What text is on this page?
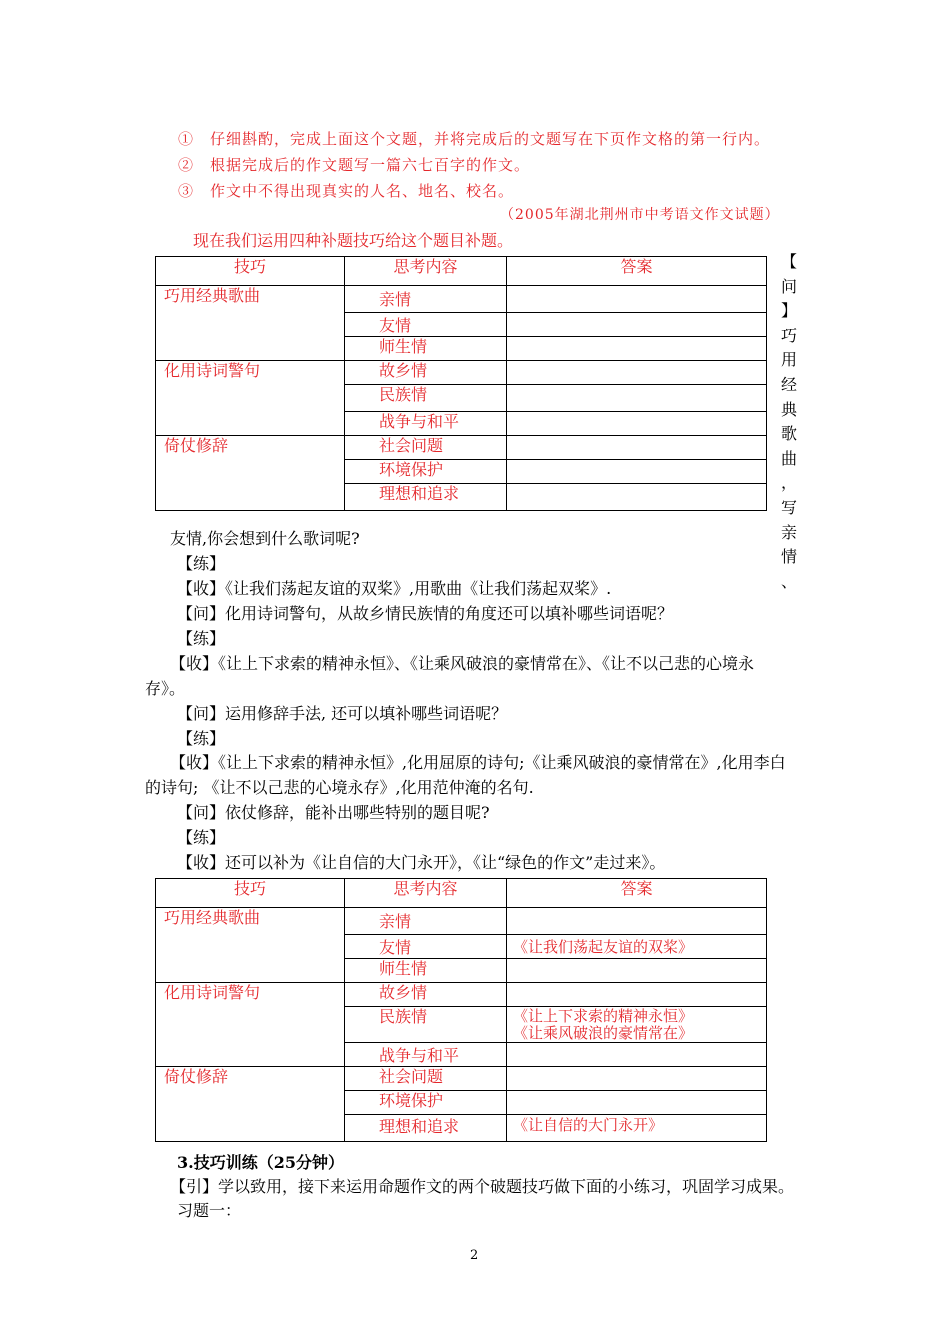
①　仔细斟酌，完成上面这个文题，并将完成后的文题写在下页作文格的第一行内。
②　根据完成后的作文题写一篇六七百字的作文。
③　作文中不得出现真实的人名、地名、校名。
（2005年湖北荆州市中考语文作文试题）
现在我们运用四种补题技巧给这个题目补题。
技巧	思考内容	答案
巧用经典歌曲	亲情	
	友情	
	师生情	
化用诗词警句	故乡情	
	民族情	
	战争与和平	
倚仗修辞	社会问题	
	环境保护	
	理想和追求	
【
问
】
巧
用
经
典
歌
曲
，
写
亲
情
、
友情,你会想到什么歌词呢?
【练】
【收】《让我们荡起友谊的双桨》,用歌曲《让我们荡起双桨》.
【问】化用诗词警句，从故乡情民族情的角度还可以填补哪些词语呢？
【练】
【收】《让上下求索的精神永恒》、《让乘风破浪的豪情常在》、《让不以己悲的心境永
存》。
【问】运用修辞手法, 还可以填补哪些词语呢？
【练】
【收】《让上下求索的精神永恒》,化用屈原的诗句;《让乘风破浪的豪情常在》,化用李白
的诗句; 《让不以己悲的心境永存》,化用范仲淹的名句.
【问】依仗修辞，能补出哪些特别的题目呢?
【练】
【收】还可以补为《让自信的大门永开》，《让“绿色的作文”走过来》。
技巧	思考内容	答案
巧用经典歌曲	亲情	
	友情	《让我们荡起友谊的双桨》
	师生情	
化用诗词警句	故乡情	
	民族情	《让上下求索的精神永恒》
《让乘风破浪的豪情常在》

	战争与和平	
倚仗修辞	社会问题	
	环境保护	
	理想和追求	《让自信的大门永开》
3.技巧训练（25分钟）
【引】学以致用，接下来运用命题作文的两个破题技巧做下面的小练习，巩固学习成果。
习题一：
2
